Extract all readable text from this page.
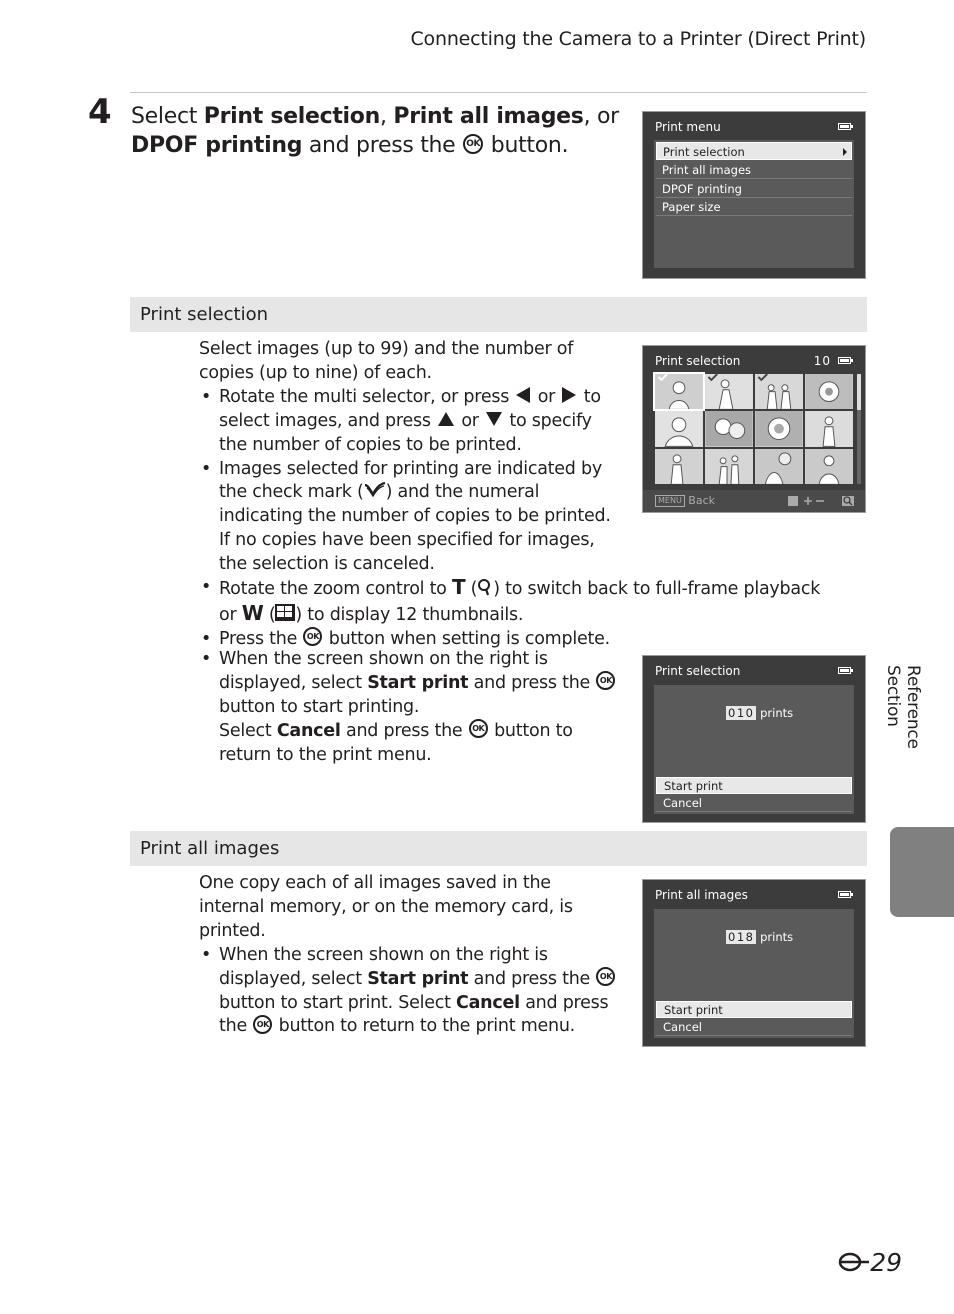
Connecting the Camera to a Printer (Direct Print)
4 Select Print selection, Print all images, or DPOF printing and press the OK button.
Print menu
Print selection
Print all images
DPOF printing
Paper size
Print selection

Select images (up to 99) and the number of copies (up to nine) of each.

• Rotate the multi selector, or press  or  to select images, and press  or  to specify the number of copies to be printed.

• Images selected for printing are indicated by the check mark ( ) and the numeral indicating the number of copies to be printed. If no copies have been specified for images, the selection is canceled.

• Rotate the zoom control to T ( ) to switch back to full-frame playback or W ( ) to display 12 thumbnails.

• Press the OK button when setting is complete.

• When the screen shown on the right is displayed, select Start print and press the OK button to start printing.
Select Cancel and press the OK button to return to the print menu.

Print selection	10
MENU Back

Print selection
010 prints
Start print
Cancel
Print all images

One copy each of all images saved in the internal memory, or on the memory card, is printed.

• When the screen shown on the right is displayed, select Start print and press the OK button to start print. Select Cancel and press the OK button to return to the print menu.

Print all images
018 prints
Start print
Cancel
Reference Section
29
